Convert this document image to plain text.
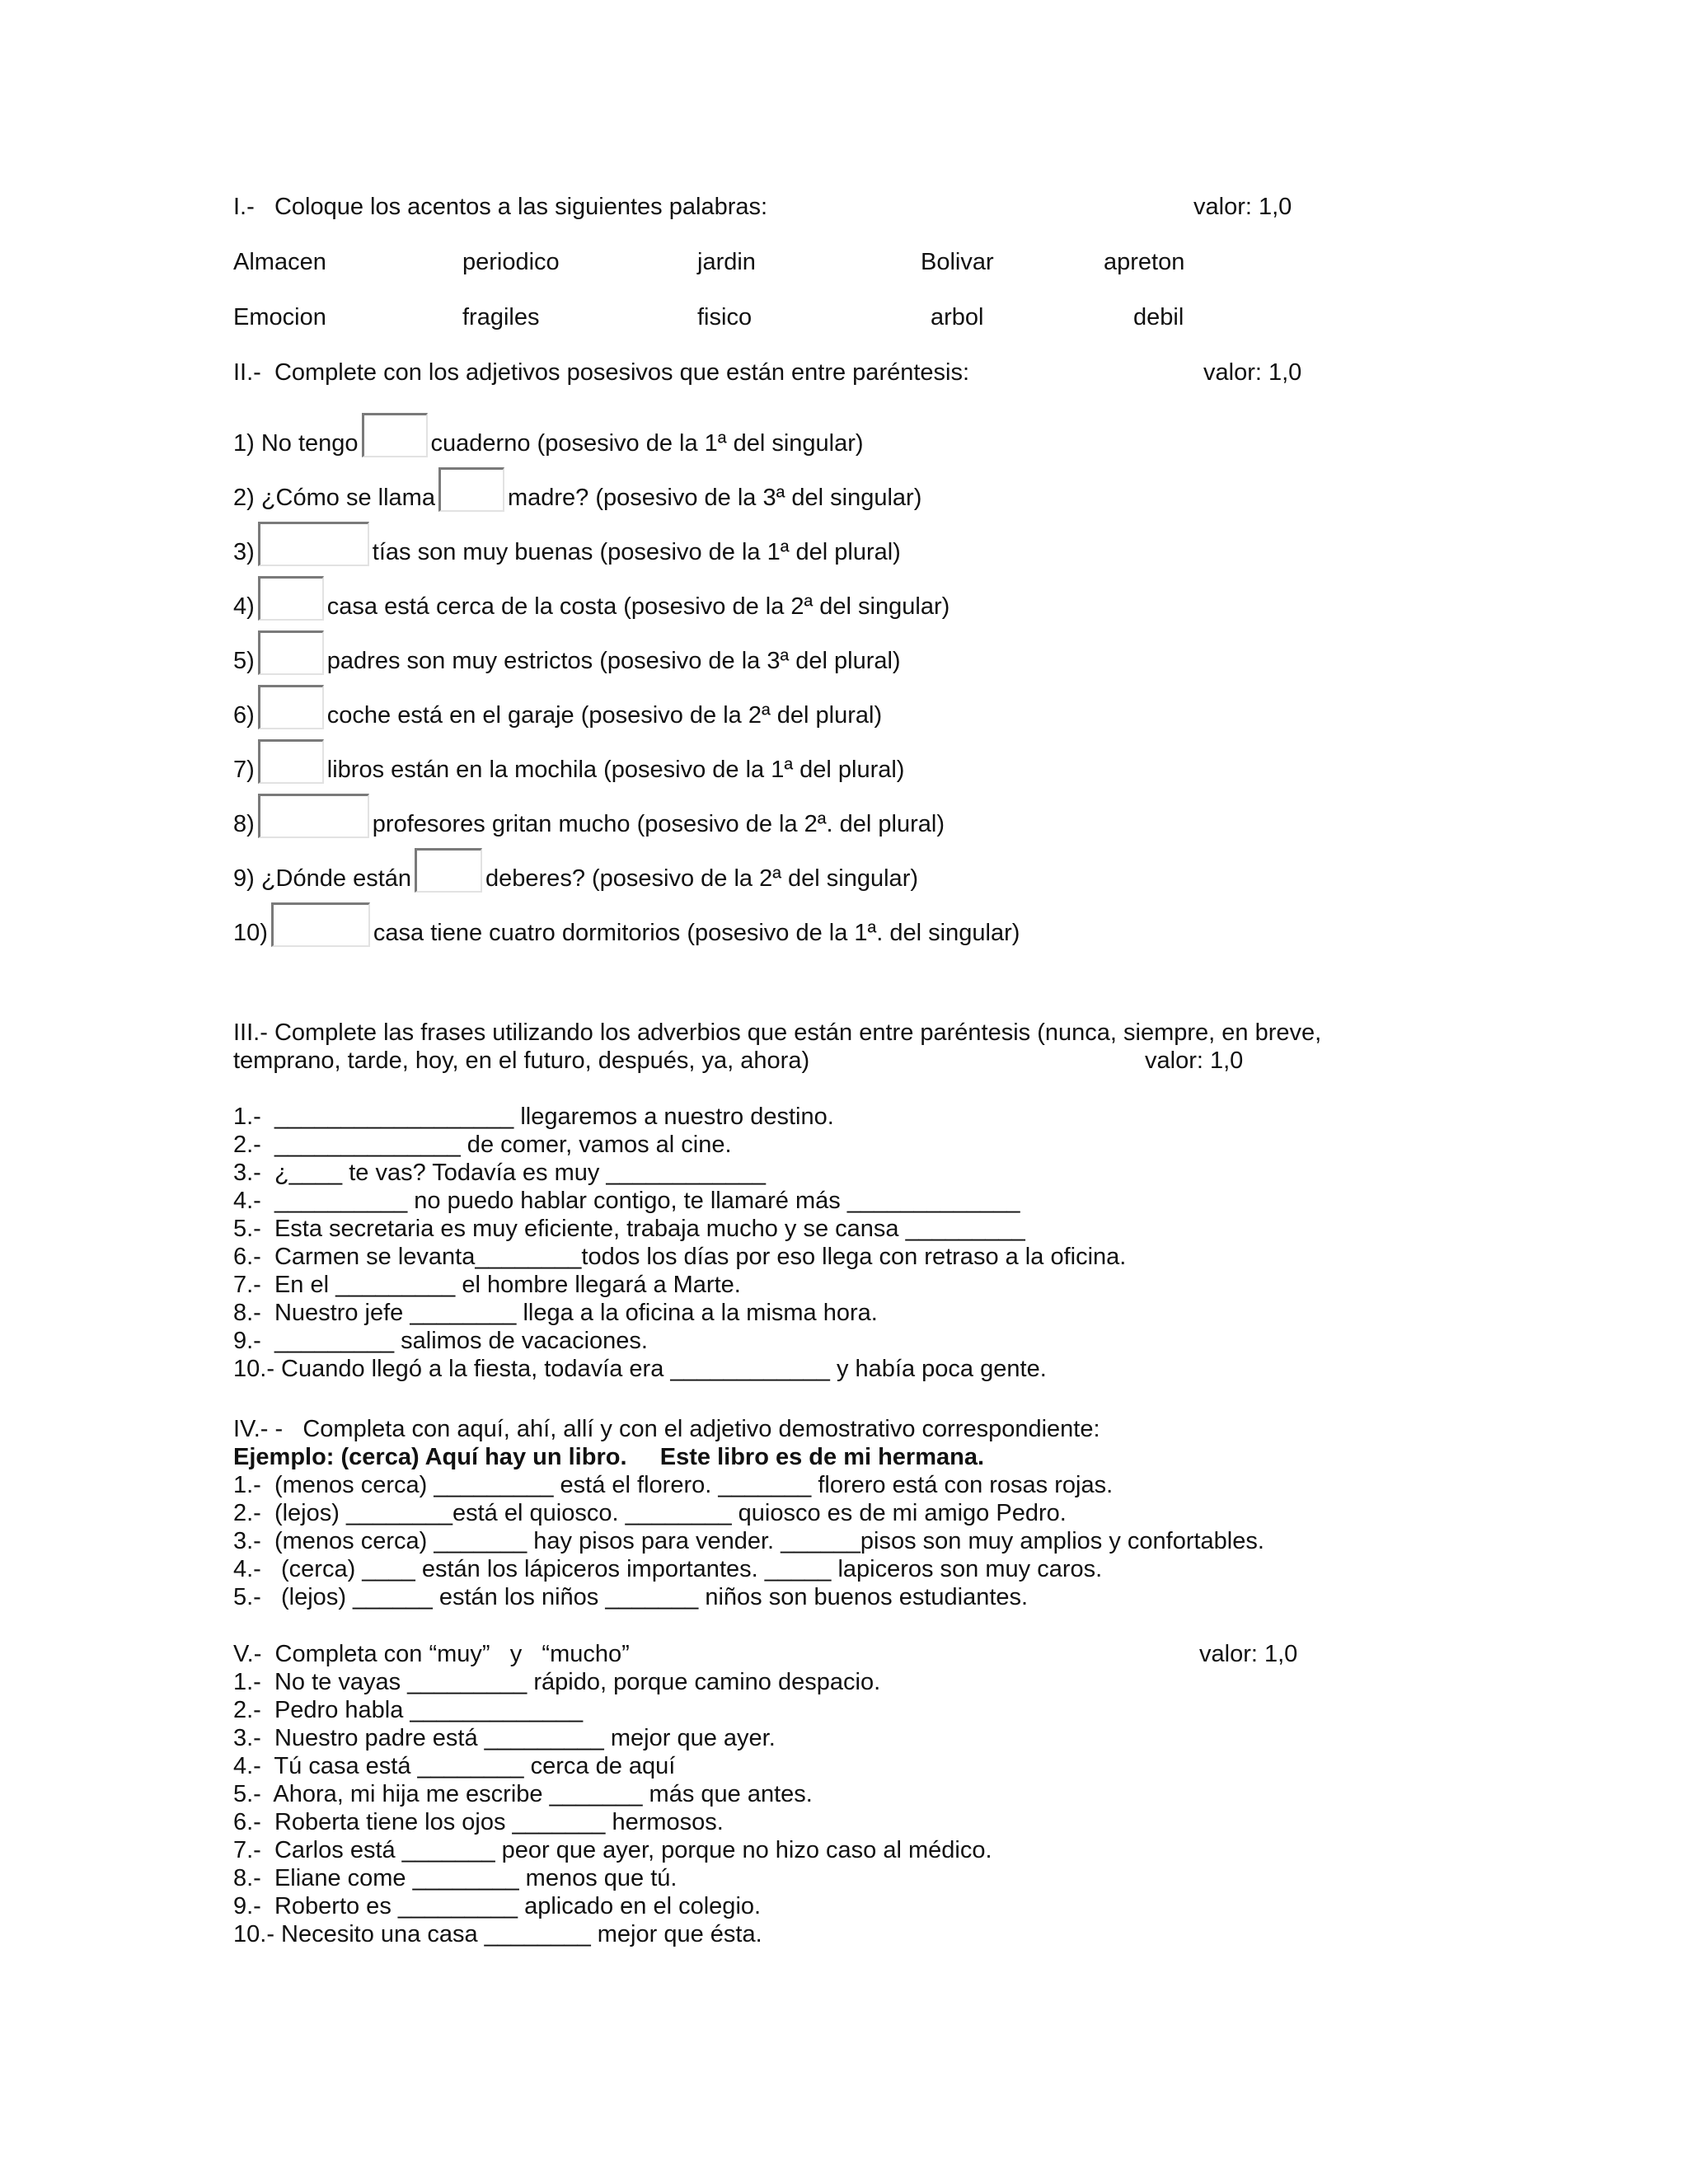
I.-   Coloque los acentos a las siguientes palabras:	valor: 1,0
Almacen	periodico	jardin	Bolivar	apreton
Emocion	fragiles	fisico	arbol	debil
II.-  Complete con los adjetivos posesivos que están entre paréntesis:	valor: 1,0
1) No tengo	cuaderno (posesivo de la 1ª del singular)
2) ¿Cómo se llama	madre? (posesivo de la 3ª del singular)
3)	tías son muy buenas (posesivo de la 1ª del plural)
4)	casa está cerca de la costa (posesivo de la 2ª del singular)
5)	padres son muy estrictos (posesivo de la 3ª del plural)
6)	coche está en el garaje (posesivo de la 2ª del plural)
7)	libros están en la mochila (posesivo de la 1ª del plural)
8)	profesores gritan mucho (posesivo de la 2ª. del plural)
9) ¿Dónde están	deberes? (posesivo de la 2ª del singular)
10)	casa tiene cuatro dormitorios (posesivo de la 1ª. del singular)
III.- Complete las frases utilizando los adverbios que están entre paréntesis (nunca, siempre, en breve,
temprano, tarde, hoy, en el futuro, después, ya, ahora)	valor: 1,0
1.-  __________________ llegaremos a nuestro destino.
2.-  ______________ de comer, vamos al cine.
3.-  ¿____ te vas? Todavía es muy ____________
4.-  __________ no puedo hablar contigo, te llamaré más _____________
5.-  Esta secretaria es muy eficiente, trabaja mucho y se cansa _________
6.-  Carmen se levanta________todos los días por eso llega con retraso a la oficina.
7.-  En el _________ el hombre llegará a Marte.
8.-  Nuestro jefe ________ llega a la oficina a la misma hora.
9.-  _________ salimos de vacaciones.
10.- Cuando llegó a la fiesta, todavía era ____________ y había poca gente.
IV.- -   Completa con aquí, ahí, allí y con el adjetivo demostrativo correspondiente:
Ejemplo: (cerca) Aquí hay un libro.     Este libro es de mi hermana.
1.-  (menos cerca) _________ está el florero. _______ florero está con rosas rojas.
2.-  (lejos) ________está el quiosco. ________ quiosco es de mi amigo Pedro.
3.-  (menos cerca) _______ hay pisos para vender. ______pisos son muy amplios y confortables.
4.-   (cerca) ____ están los lápiceros importantes. _____ lapiceros son muy caros.
5.-   (lejos) ______ están los niños _______ niños son buenos estudiantes.
V.-  Completa con “muy”   y   “mucho”	valor: 1,0
1.-  No te vayas _________ rápido, porque camino despacio.
2.-  Pedro habla _____________
3.-  Nuestro padre está _________ mejor que ayer.
4.-  Tú casa está ________ cerca de aquí
5.-  Ahora, mi hija me escribe _______ más que antes.
6.-  Roberta tiene los ojos _______ hermosos.
7.-  Carlos está _______ peor que ayer, porque no hizo caso al médico.
8.-  Eliane come ________ menos que tú.
9.-  Roberto es _________ aplicado en el colegio.
10.- Necesito una casa ________ mejor que ésta.
